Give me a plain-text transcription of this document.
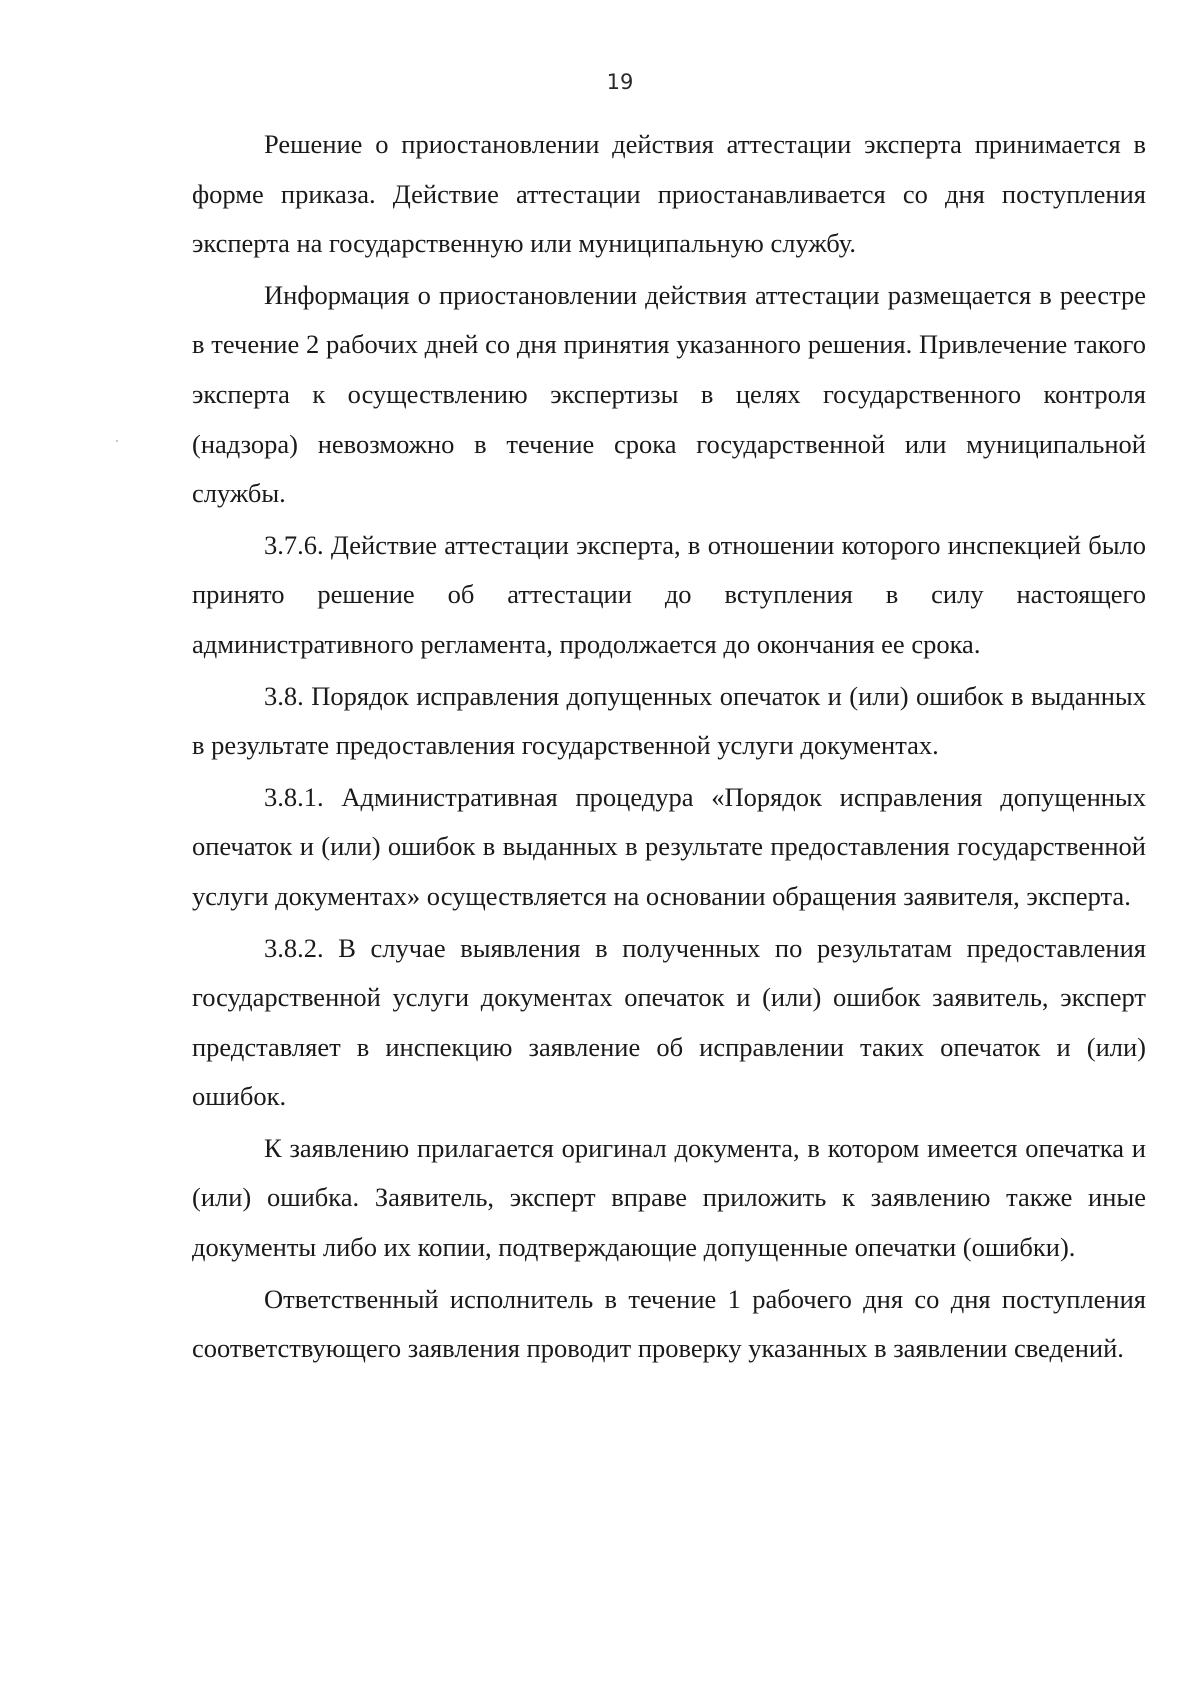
19

Решение о приостановлении действия аттестации эксперта принимается в форме приказа. Действие аттестации приостанавливается со дня поступления эксперта на государственную или муниципальную службу.

Информация о приостановлении действия аттестации размещается в реестре в течение 2 рабочих дней со дня принятия указанного решения. Привлечение такого эксперта к осуществлению экспертизы в целях государственного контроля (надзора) невозможно в течение срока государственной или муниципальной службы.

3.7.6. Действие аттестации эксперта, в отношении которого инспекцией было принято решение об аттестации до вступления в силу настоящего административного регламента, продолжается до окончания ее срока.

3.8. Порядок исправления допущенных опечаток и (или) ошибок в выданных в результате предоставления государственной услуги документах.

3.8.1. Административная процедура «Порядок исправления допущенных опечаток и (или) ошибок в выданных в результате предоставления государственной услуги документах» осуществляется на основании обращения заявителя, эксперта.

3.8.2. В случае выявления в полученных по результатам предоставления государственной услуги документах опечаток и (или) ошибок заявитель, эксперт представляет в инспекцию заявление об исправлении таких опечаток и (или) ошибок.

К заявлению прилагается оригинал документа, в котором имеется опечатка и (или) ошибка. Заявитель, эксперт вправе приложить к заявлению также иные документы либо их копии, подтверждающие допущенные опечатки (ошибки).

Ответственный исполнитель в течение 1 рабочего дня со дня поступления соответствующего заявления проводит проверку указанных в заявлении сведений.
